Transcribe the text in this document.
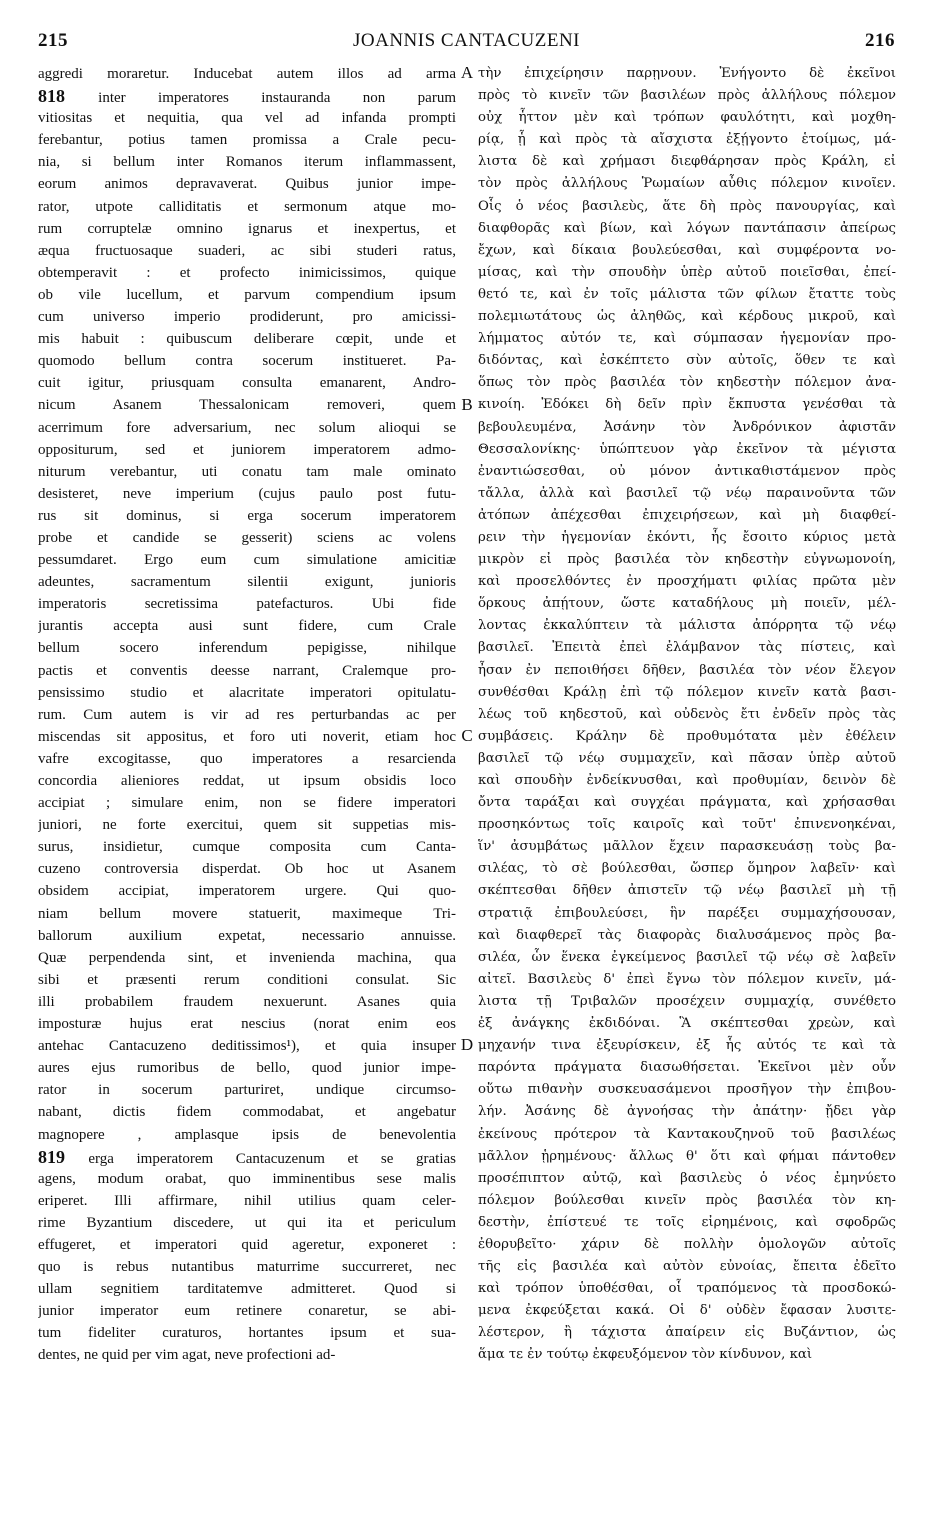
215	JOANNIS CANTACUZENI	216
aggredi moraretur. Inducebat autem illos ad arma
818 inter imperatores instauranda non parum
vitiositas et nequitia, qua vel ad infanda prompti
ferebantur, potius tamen promissa a Crale pecu-
nia, si bellum inter Romanos iterum inflammassent,
eorum animos depravaverat. Quibus junior impe-
rator, utpote calliditatis et sermonum atque mo-
rum corruptelæ omnino ignarus et inexpertus, et
æqua fructuosaque suaderi, ac sibi studeri ratus,
obtemperavit : et profecto inimicissimos, quique
ob vile lucellum, et parvum compendium ipsum
cum universo imperio prodiderunt, pro amicissi-
mis habuit : quibuscum deliberare cœpit, unde et
quomodo bellum contra socerum institueret. Pa-
cuit igitur, priusquam consulta emanarent, Andro-
nicum Asanem Thessalonicam removeri, quem
acerrimum fore adversarium, nec solum alioqui se
oppositurum, sed et juniorem imperatorem admo-
niturum verebantur, uti conatu tam male ominato
desisteret, neve imperium (cujus paulo post futu-
rus sit dominus, si erga socerum imperatorem
probe et candide se gesserit) sciens ac volens
pessumdaret. Ergo eum cum simulatione amicitiæ
adeuntes, sacramentum silentii exigunt, junioris
imperatoris secretissima patefacturos. Ubi fide
jurantis accepta ausi sunt fidere, cum Crale
bellum socero inferendum pepigisse, nihilque
pactis et conventis deesse narrant, Cralemque pro-
pensissimo studio et alacritate imperatori opitulatu-
rum. Cum autem is vir ad res perturbandas ac per
miscendas sit appositus, et foro uti noverit, etiam hoc
vafre excogitasse, quo imperatores a resarcienda
concordia alieniores reddat, ut ipsum obsidis loco
accipiat ; simulare enim, non se fidere imperatori
juniori, ne forte exercitui, quem sit suppetias mis-
surus, insidietur, cumque composita cum Canta-
cuzeno controversia disperdat. Ob hoc ut Asanem
obsidem accipiat, imperatorem urgere. Qui quo-
niam bellum movere statuerit, maximeque Tri-
ballorum auxilium expetat, necessario annuisse.
Quæ perpendenda sint, et invenienda machina, qua
sibi et præsenti rerum conditioni consulat. Sic
illi probabilem fraudem nexuerunt. Asanes quia
imposturæ hujus erat nescius (norat enim eos
antehac Cantacuzeno deditissimos¹), et quia insuper
aures ejus rumoribus de bello, quod junior impe-
rator in socerum parturiret, undique circumso-
nabant, dictis fidem commodabat, et angebatur
magnopere , amplasque ipsis de benevolentia
819 erga imperatorem Cantacuzenum et se gratias
agens, modum orabat, quo imminentibus sese malis
eriperet. Illi affirmare, nihil utilius quam celer-
rime Byzantium discedere, ut qui ita et periculum
effugeret, et imperatori quid ageretur, exponeret :
quo is rebus nutantibus maturrime succurreret, nec
ullam segnitiem tarditatemve admitteret. Quod si
junior imperator eum retinere conaretur, se abi-
tum fideliter curaturos, hortantes ipsum et sua-
dentes, ne quid per vim agat, neve profectioni ad-
A
B
C
D
τὴν ἐπιχείρησιν παρῃνουν. Ἐνήγοντο δὲ ἐκεῖνοι
πρὸς τὸ κινεῖν τῶν βασιλέων πρὸς ἀλλήλους πόλεμον
οὐχ ἧττον μὲν καὶ τρόπων φαυλότητι, καὶ μοχθη-
ρίᾳ, ᾗ καὶ πρὸς τὰ αἴσχιστα ἐξῄγοντο ἑτοίμως, μά-
λιστα δὲ καὶ χρήμασι διεφθάρησαν πρὸς Κράλη, εἰ
τὸν πρὸς ἀλλήλους Ῥωμαίων αὖθις πόλεμον κινοῖεν.
Οἷς ὁ νέος βασιλεὺς, ἅτε δὴ πρὸς πανουργίας, καὶ
διαφθορᾶς καὶ βίων, καὶ λόγων παντάπασιν ἀπείρως
ἔχων, καὶ δίκαια βουλεύεσθαι, καὶ συμφέροντα νο-
μίσας, καὶ τὴν σπουδὴν ὑπὲρ αὐτοῦ ποιεῖσθαι, ἐπεί-
θετό τε, καὶ ἐν τοῖς μάλιστα τῶν φίλων ἔταττε τοὺς
πολεμιωτάτους ὡς ἀληθῶς, καὶ κέρδους μικροῦ, καὶ
λήμματος αὐτόν τε, καὶ σύμπασαν ἡγεμονίαν προ-
διδόντας, καὶ ἐσκέπτετο σὺν αὐτοῖς, ὅθεν τε καὶ
ὅπως τὸν πρὸς βασιλέα τὸν κηδεστὴν πόλεμον ἀνα-
κινοίη. Ἐδόκει δὴ δεῖν πρὶν ἔκπυστα γενέσθαι τὰ
βεβουλευμένα, Ἀσάνην τὸν Ἀνδρόνικον ἀφιστᾶν
Θεσσαλονίκης· ὑπώπτευον γὰρ ἐκεῖνον τὰ μέγιστα
ἐναντιώσεσθαι, οὐ μόνον ἀντικαθιστάμενον πρὸς
τἄλλα, ἀλλὰ καὶ βασιλεῖ τῷ νέῳ παραινοῦντα τῶν
ἀτόπων ἀπέχεσθαι ἐπιχειρήσεων, καὶ μὴ διαφθεί-
ρειν τὴν ἡγεμονίαν ἑκόντι, ἧς ἔσοιτο κύριος μετὰ
μικρὸν εἰ πρὸς βασιλέα τὸν κηδεστὴν εὐγνωμονοίη,
καὶ προσελθόντες ἐν προσχήματι φιλίας πρῶτα μὲν
ὅρκους ἀπῄτουν, ὥστε καταδήλους μὴ ποιεῖν, μέλ-
λοντας ἐκκαλύπτειν τὰ μάλιστα ἀπόρρητα τῷ νέῳ
βασιλεῖ. Ἐπειτὰ ἐπεὶ ἐλάμβανον τὰς πίστεις, καὶ
ἦσαν ἐν πεποιθήσει δῆθεν, βασιλέα τὸν νέον ἔλεγον
συνθέσθαι Κράλῃ ἐπὶ τῷ πόλεμον κινεῖν κατὰ βασι-
λέως τοῦ κηδεστοῦ, καὶ οὐδενὸς ἔτι ἐνδεῖν πρὸς τὰς
συμβάσεις. Κράλην δὲ προθυμότατα μὲν ἐθέλειν
βασιλεῖ τῷ νέῳ συμμαχεῖν, καὶ πᾶσαν ὑπὲρ αὐτοῦ
καὶ σπουδὴν ἐνδείκνυσθαι, καὶ προθυμίαν, δεινὸν δὲ
ὄντα ταράξαι καὶ συγχέαι πράγματα, καὶ χρήσασθαι
προσηκόντως τοῖς καιροῖς καὶ τοῦτ' ἐπινενοηκέναι,
ἵν' ἀσυμβάτως μᾶλλον ἔχειν παρασκευάσῃ τοὺς βα-
σιλέας, τὸ σὲ βούλεσθαι, ὥσπερ ὅμηρον λαβεῖν· καὶ
σκέπτεσθαι δῆθεν ἀπιστεῖν τῷ νέῳ βασιλεῖ μὴ τῇ
στρατιᾷ ἐπιβουλεύσει, ἣν παρέξει συμμαχήσουσαν,
καὶ διαφθερεῖ τὰς διαφορὰς διαλυσάμενος πρὸς βα-
σιλέα, ὧν ἕνεκα ἐγκείμενος βασιλεῖ τῷ νέῳ σὲ λαβεῖν
αἰτεῖ. Βασιλεὺς δ' ἐπεὶ ἔγνω τὸν πόλεμον κινεῖν, μά-
λιστα τῇ Τριβαλῶν προσέχειν συμμαχίᾳ, συνέθετο
ἐξ ἀνάγκης ἐκδιδόναι. Ἃ σκέπτεσθαι χρεὼν, καὶ
μηχανήν τινα ἐξευρίσκειν, ἐξ ἧς αὐτός τε καὶ τὰ
παρόντα πράγματα διασωθήσεται. Ἐκεῖνοι μὲν οὖν
οὕτω πιθανὴν συσκευασάμενοι προσῆγον τὴν ἐπιβου-
λήν. Ἀσάνης δὲ ἀγνοήσας τὴν ἀπάτην· ᾔδει γὰρ
ἐκείνους πρότερον τὰ Καντακουζηνοῦ τοῦ βασιλέως
μᾶλλον ᾑρημένους· ἄλλως θ' ὅτι καὶ φήμαι πάντοθεν
προσέπιπτον αὐτῷ, καὶ βασιλεὺς ὁ νέος ἐμηνύετο
πόλεμον βούλεσθαι κινεῖν πρὸς βασιλέα τὸν κη-
δεστὴν, ἐπίστευέ τε τοῖς εἰρημένοις, καὶ σφοδρῶς
ἐθορυβεῖτο· χάριν δὲ πολλὴν ὁμολογῶν αὐτοῖς
τῆς εἰς βασιλέα καὶ αὐτὸν εὐνοίας, ἔπειτα ἐδεῖτο
καὶ τρόπον ὑποθέσθαι, οἷ τραπόμενος τὰ προσδοκώ-
μενα ἐκφεύξεται κακά. Οἱ δ' οὐδὲν ἔφασαν λυσιτε-
λέστερον, ἢ τάχιστα ἀπαίρειν εἰς Βυζάντιον, ὡς
ἅμα τε ἐν τούτῳ ἐκφευξόμενον τὸν κίνδυνον, καὶ
